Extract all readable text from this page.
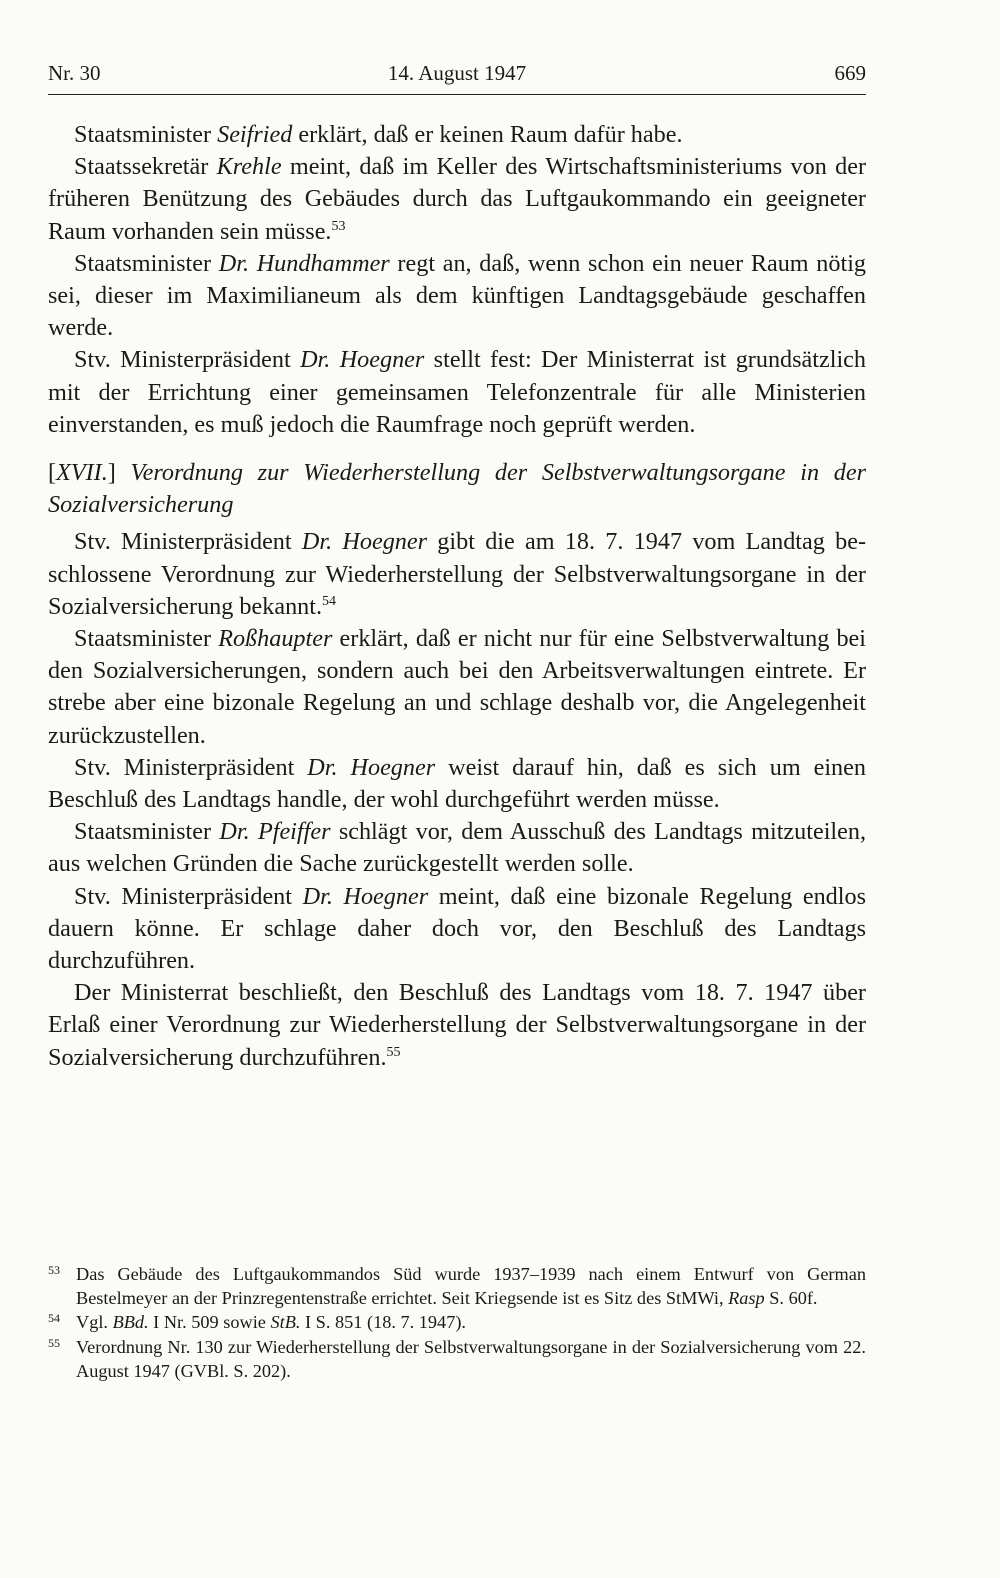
Nr. 30	14. August 1947	669

Staatsminister Seifried erklärt, daß er keinen Raum dafür habe.

Staatssekretär Krehle meint, daß im Keller des Wirtschaftsministeriums von der früheren Benützung des Gebäudes durch das Luftgaukommando ein geeigneter Raum vorhanden sein müsse.$^{53}$

Staatsminister Dr. Hundhammer regt an, daß, wenn schon ein neuer Raum nötig sei, dieser im Maximilianeum als dem künftigen Landtagsgebäude geschaffen werde.

Stv. Ministerpräsident Dr. Hoegner stellt fest: Der Ministerrat ist grundsätzlich mit der Errichtung einer gemeinsamen Telefonzentrale für alle Ministerien einverstanden, es muß jedoch die Raumfrage noch geprüft werden.

[XVII.] Verordnung zur Wiederherstellung der Selbstverwaltungsorgane in der Sozialversicherung

Stv. Ministerpräsident Dr. Hoegner gibt die am 18. 7. 1947 vom Landtag beschlossene Verordnung zur Wiederherstellung der Selbstverwaltungsorgane in der Sozialversicherung bekannt.$^{54}$

Staatsminister Roßhaupter erklärt, daß er nicht nur für eine Selbstverwaltung bei den Sozialversicherungen, sondern auch bei den Arbeitsverwaltungen eintrete. Er strebe aber eine bizonale Regelung an und schlage deshalb vor, die Angelegenheit zurückzustellen.

Stv. Ministerpräsident Dr. Hoegner weist darauf hin, daß es sich um einen Beschluß des Landtags handle, der wohl durchgeführt werden müsse.

Staatsminister Dr. Pfeiffer schlägt vor, dem Ausschuß des Landtags mitzuteilen, aus welchen Gründen die Sache zurückgestellt werden solle.

Stv. Ministerpräsident Dr. Hoegner meint, daß eine bizonale Regelung endlos dauern könne. Er schlage daher doch vor, den Beschluß des Landtags durchzuführen.

Der Ministerrat beschließt, den Beschluß des Landtags vom 18. 7. 1947 über Erlaß einer Verordnung zur Wiederherstellung der Selbstverwaltungsorgane in der Sozialversicherung durchzuführen.$^{55}$

53 Das Gebäude des Luftgaukommandos Süd wurde 1937–1939 nach einem Entwurf von German Bestelmeyer an der Prinzregentenstraße errichtet. Seit Kriegsende ist es Sitz des StMWi, Rasp S. 60f.

54 Vgl. BBd. I Nr. 509 sowie StB. I S. 851 (18. 7. 1947).

55 Verordnung Nr. 130 zur Wiederherstellung der Selbstverwaltungsorgane in der Sozialversicherung vom 22. August 1947 (GVBl. S. 202).
